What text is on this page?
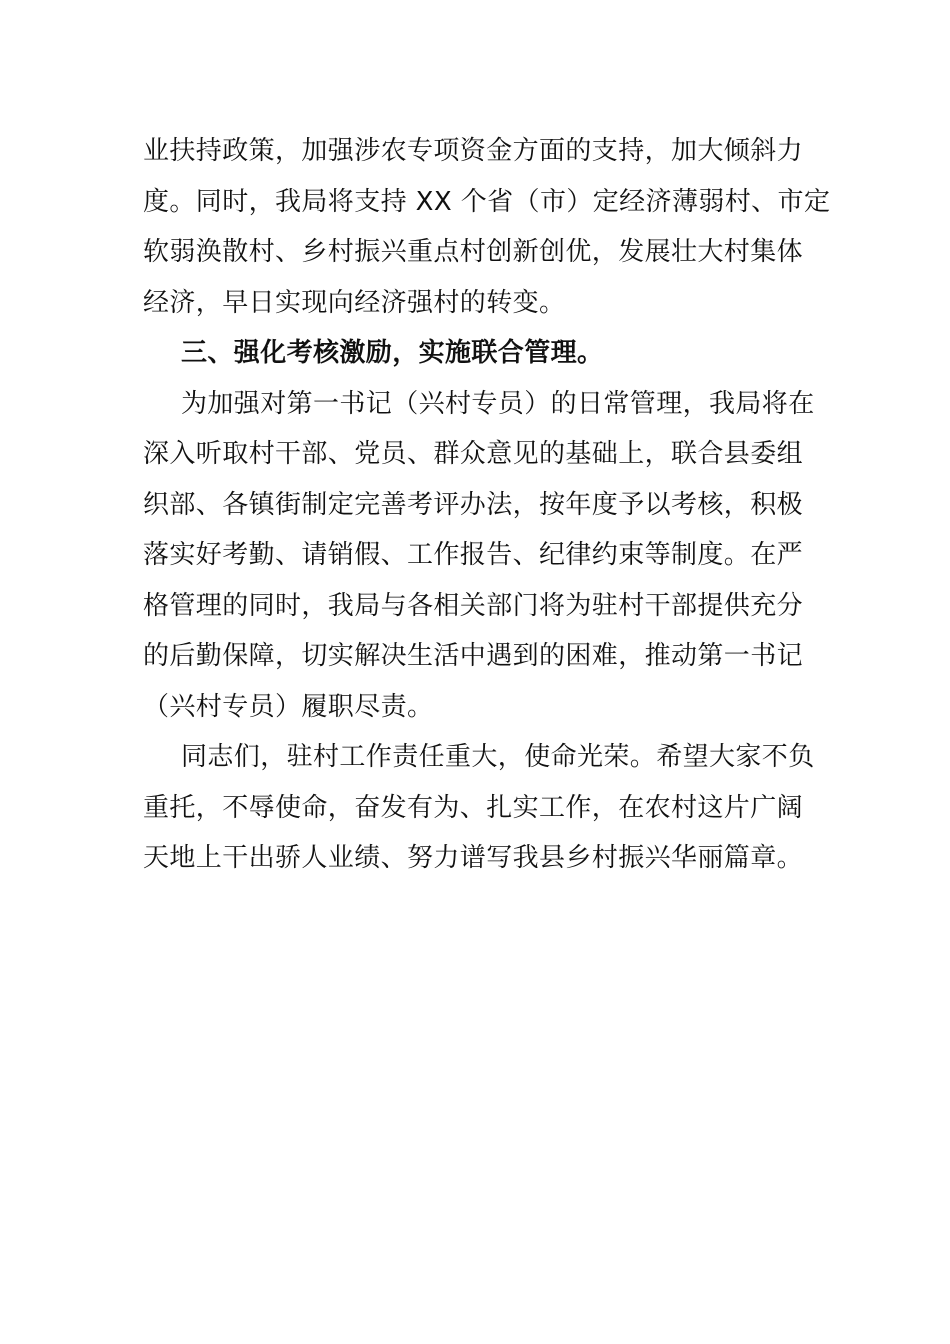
业扶持政策，加强涉农专项资金方面的支持，加大倾斜力
度。同时，我局将支持 XX 个省（市）定经济薄弱村、市定
软弱涣散村、乡村振兴重点村创新创优，发展壮大村集体
经济，早日实现向经济强村的转变。
三、强化考核激励，实施联合管理。
为加强对第一书记（兴村专员）的日常管理，我局将在
深入听取村干部、党员、群众意见的基础上，联合县委组
织部、各镇街制定完善考评办法，按年度予以考核，积极
落实好考勤、请销假、工作报告、纪律约束等制度。在严
格管理的同时，我局与各相关部门将为驻村干部提供充分
的后勤保障，切实解决生活中遇到的困难，推动第一书记
（兴村专员）履职尽责。
同志们，驻村工作责任重大，使命光荣。希望大家不负
重托，不辱使命，奋发有为、扎实工作，在农村这片广阔
天地上干出骄人业绩、努力谱写我县乡村振兴华丽篇章。
